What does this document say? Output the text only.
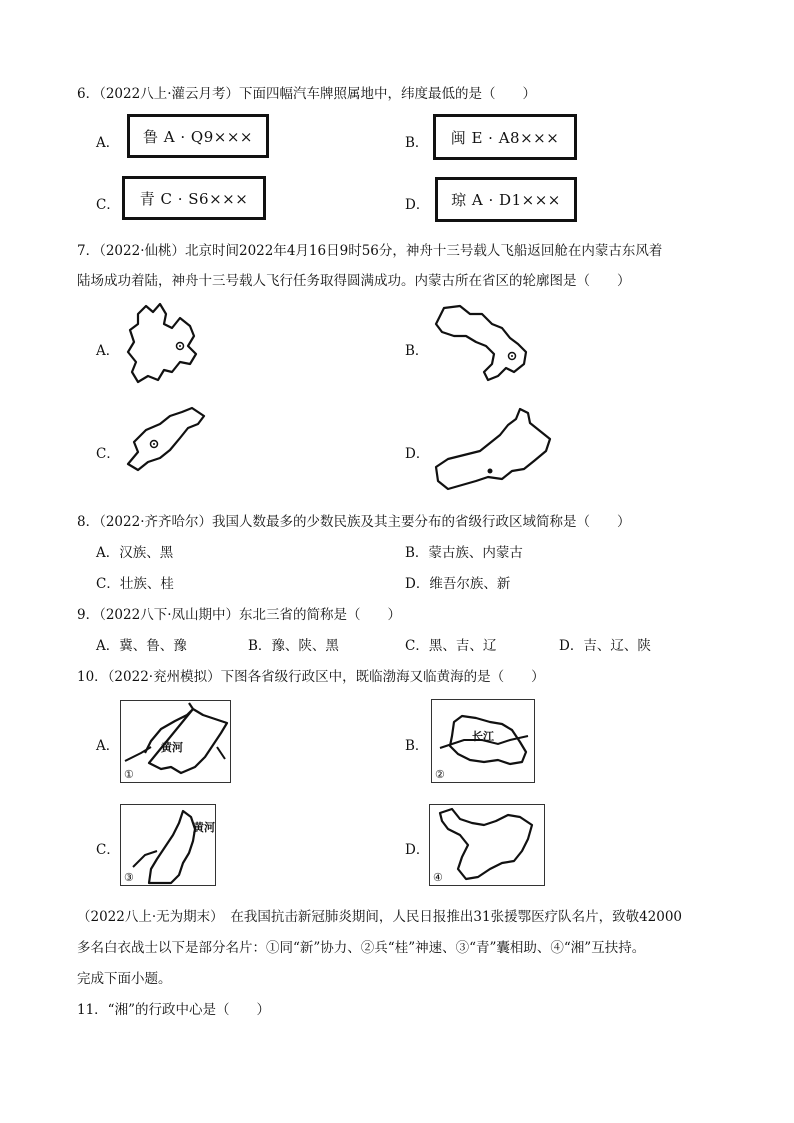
6．（2022八上·灌云月考）下面四幅汽车牌照属地中，纬度最低的是（　　）
A． 鲁 A · Q9×××	B． 闽 E · A8×××
C． 青 C · S6×××	D． 琼 A · D1×××
7．（2022·仙桃）北京时间2022年4月16日9时56分，神舟十三号载人飞船返回舱在内蒙古东风着
陆场成功着陆，神舟十三号载人飞行任务取得圆满成功。内蒙古所在省区的轮廓图是（　　）
A．	B．
C．	D．
8．（2022·齐齐哈尔）我国人数最多的少数民族及其主要分布的省级行政区域简称是（　　）
A．汉族、黑	B．蒙古族、内蒙古
C．壮族、桂	D．维吾尔族、新
9．（2022八下·凤山期中）东北三省的简称是（　　）
A．冀、鲁、豫	B．豫、陕、黑	C．黑、吉、辽	D．吉、辽、陕
10．（2022·兖州模拟）下图各省级行政区中，既临渤海又临黄海的是（　　）
A．	黄河
①
B．
长江
②
C．
黄河
③
D．
④
（2022八上·无为期末）　在我国抗击新冠肺炎期间，人民日报推出31张援鄂医疗队名片，致敬42000
多名白衣战士以下是部分名片：①同“新”协力、②兵“桂”神速、③“青”囊相助、④“湘”互扶持。
完成下面小题。
11．“湘”的行政中心是（　　）
